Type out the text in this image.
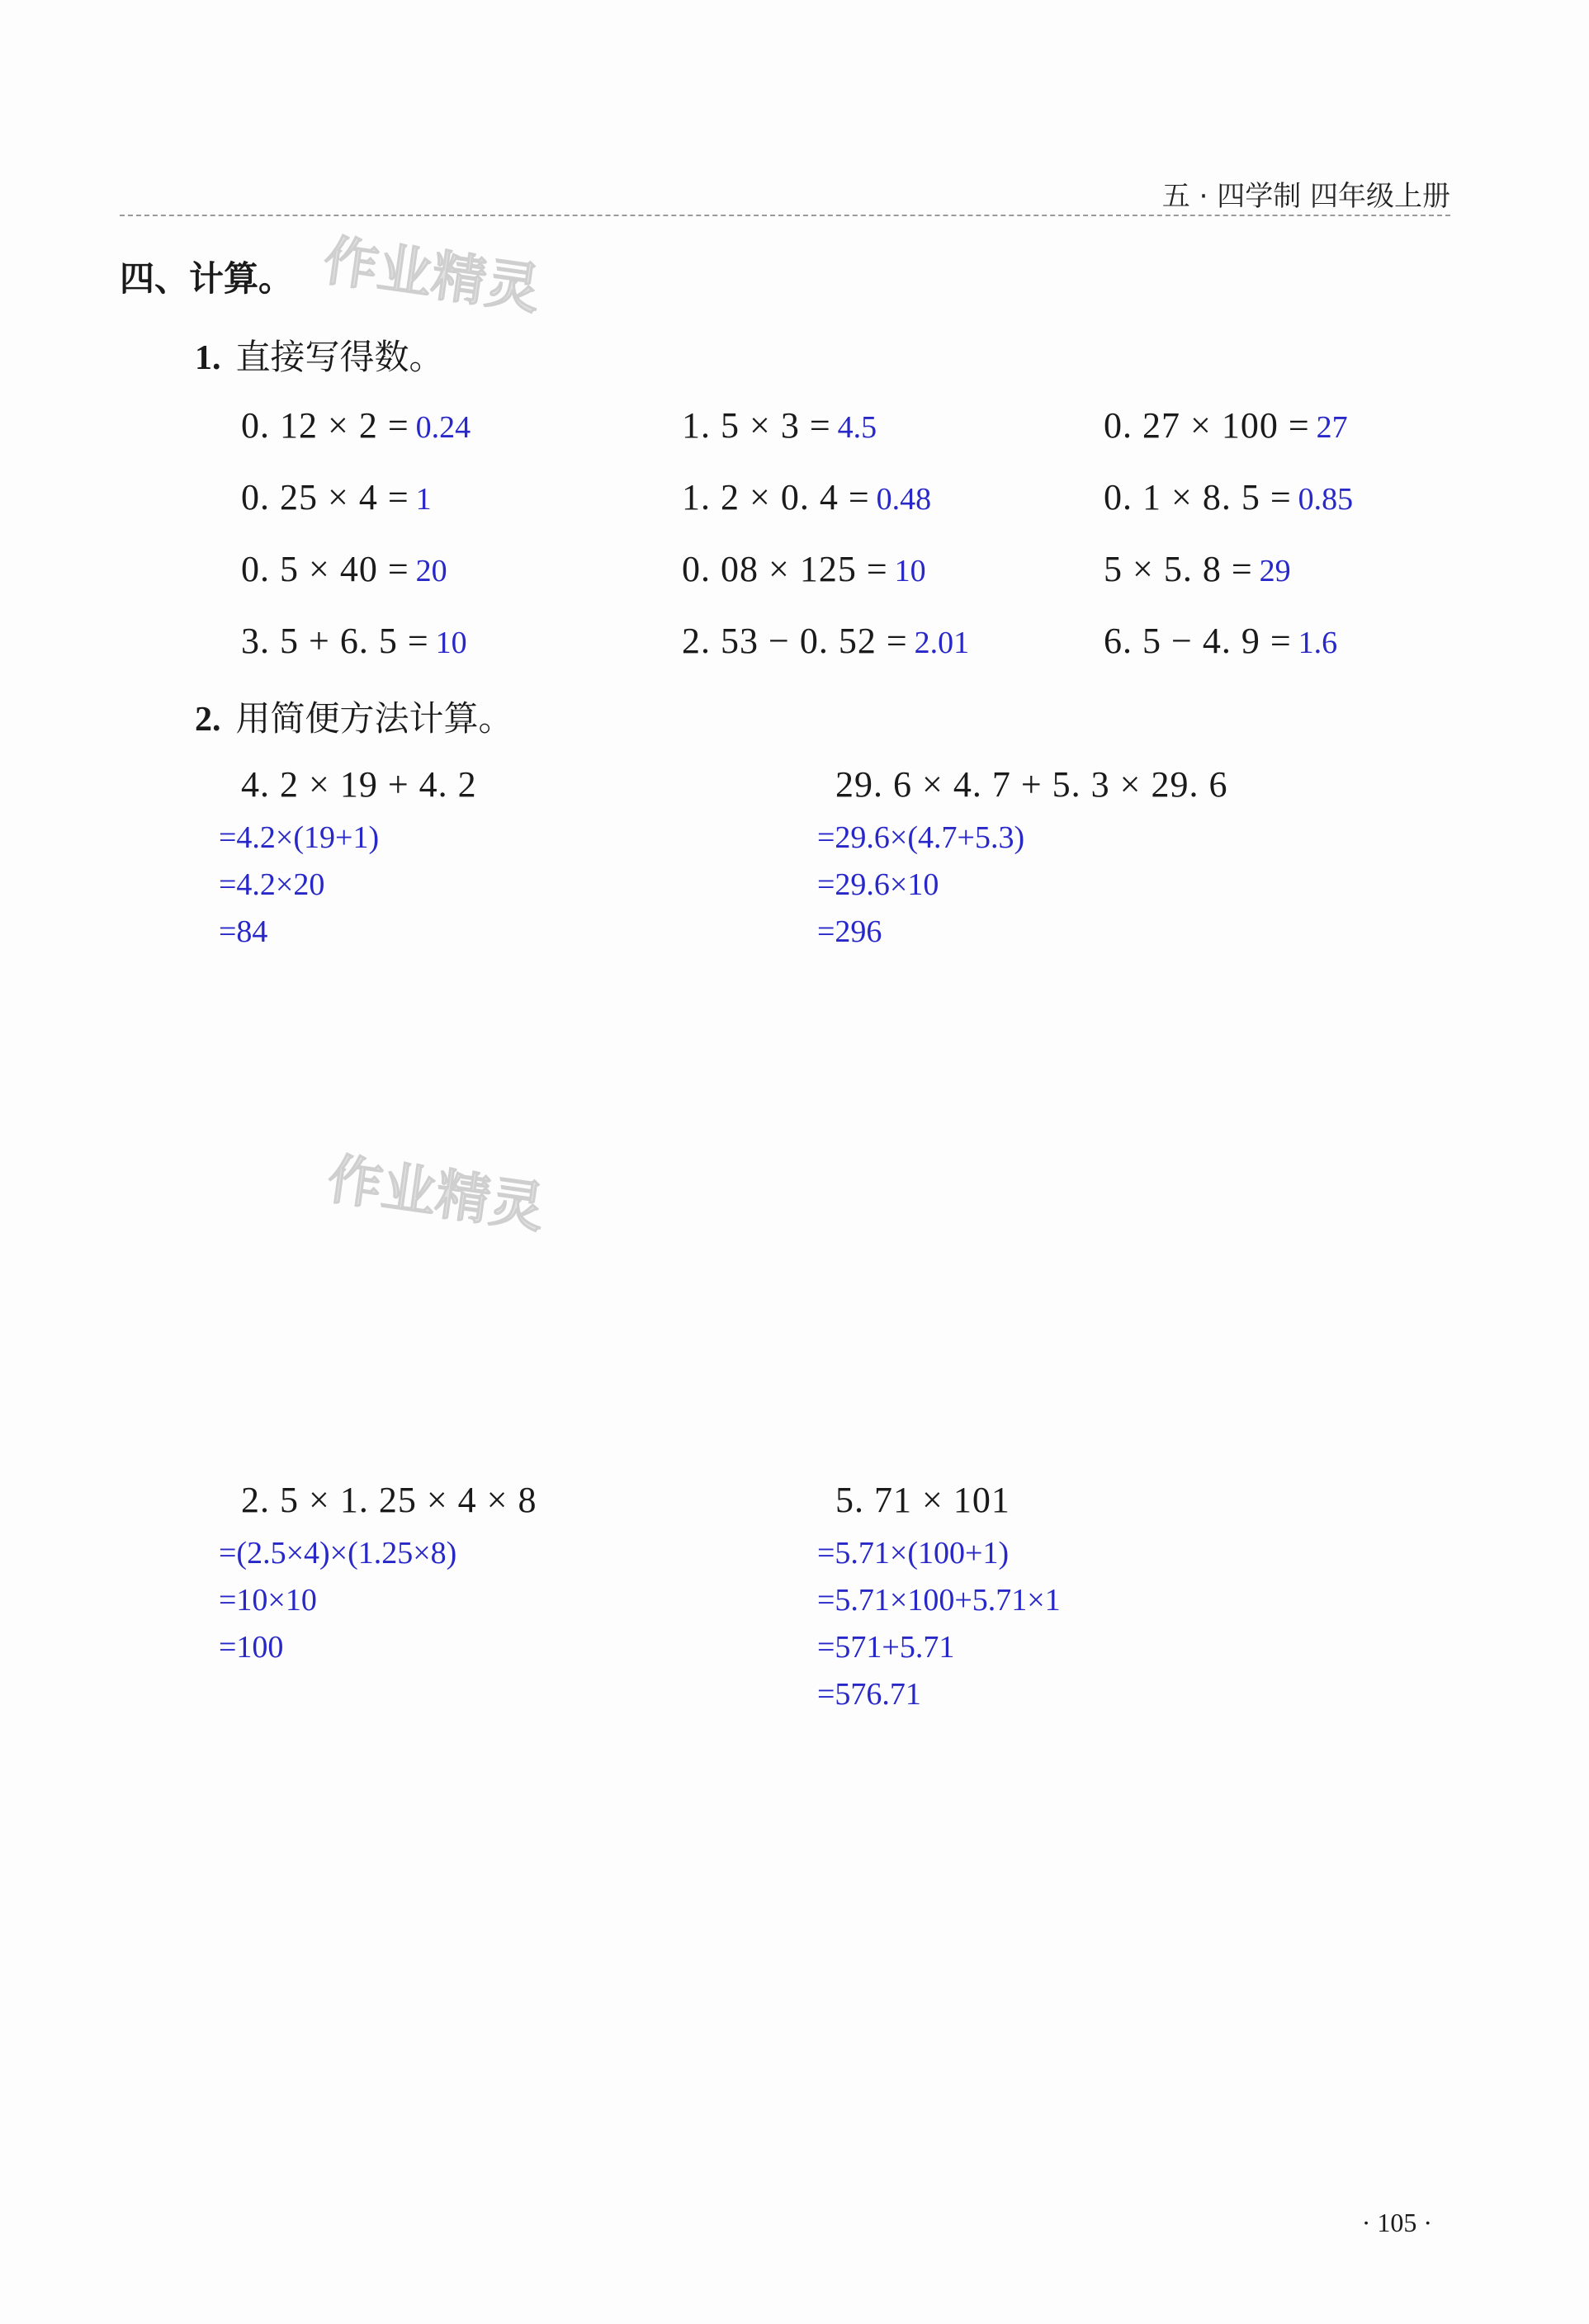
五 · 四学制 四年级上册
作业精灵
作业精灵
四、计算。
1. 直接写得数。
0. 12 × 2 = 0.24	1. 5 × 3 = 4.5	0. 27 × 100 = 27
0. 25 × 4 = 1	1. 2 × 0. 4 = 0.48	0. 1 × 8. 5 = 0.85
0. 5 × 40 = 20	0. 08 × 125 = 10	5 × 5. 8 = 29
3. 5 + 6. 5 = 10	2. 53 − 0. 52 = 2.01	6. 5 − 4. 9 = 1.6
2. 用简便方法计算。
4. 2 × 19 + 4. 2
=4.2×(19+1)
=4.2×20
=84
29. 6 × 4. 7 + 5. 3 × 29. 6
=29.6×(4.7+5.3)
=29.6×10
=296
2. 5 × 1. 25 × 4 × 8
=(2.5×4)×(1.25×8)
=10×10
=100
5. 71 × 101
=5.71×(100+1)
=5.71×100+5.71×1
=571+5.71
=576.71
· 105 ·
